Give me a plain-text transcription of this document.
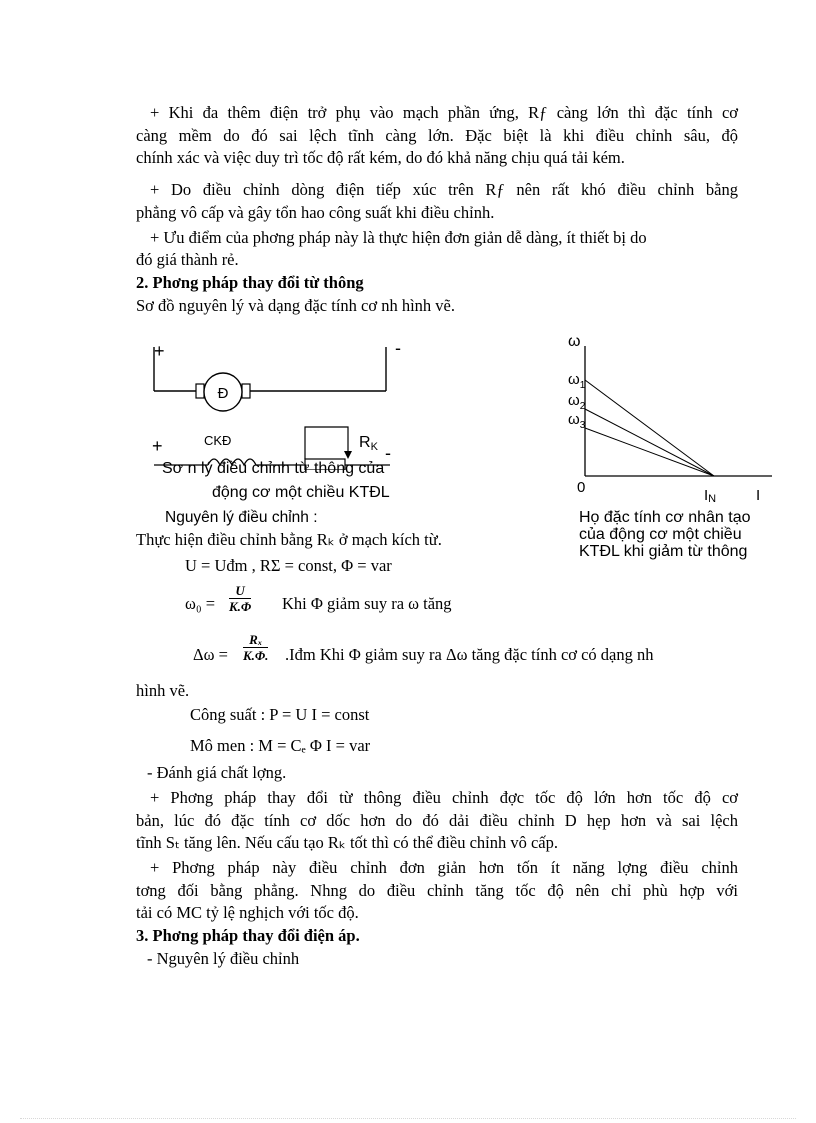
+ Khi đa thêm điện trở phụ vào mạch phần ứng, Rƒ càng lớn thì đặc tính cơ
càng mềm do đó sai lệch tĩnh càng lớn. Đặc biệt là khi điều chỉnh sâu, độ
chính xác và việc duy trì tốc độ rất kém, do đó khả năng chịu quá tải kém.
+ Do điều chỉnh dòng điện tiếp xúc trên Rƒ nên rất khó điều chỉnh bằng
phẳng vô cấp và gây tổn hao công suất khi điều chỉnh.
+ Ưu điểm của phơng pháp này là thực hiện đơn giản dễ dàng, ít thiết bị do
đó giá thành rẻ.
2. Phơng pháp thay đổi từ thông
Sơ đồ nguyên lý và dạng đặc tính cơ nh hình vẽ.
Đ
+	-
+	CKĐ	RK -
Sơ n lý điều chỉnh từ thông của
động cơ một chiều KTĐL
Nguyên lý điều chỉnh :
Thực hiện điều chỉnh bằng Rₖ ở mạch kích từ.
ω
$\omega_1$
$\omega_2$
$\omega_3$
0	IN	I
Họ đặc tính cơ nhân tạo
của động cơ một chiều
KTĐL khi giảm từ thông
U = Uđm , RΣ = const, Φ = var
$\omega_0 = \frac{U}{K.\Phi}$ Khi Φ giảm suy ra ω tăng
$\Delta\omega = \frac{\text{Rₓ}}{K.\Phi.}$ .Iđm Khi Φ giảm suy ra Δω tăng đặc tính cơ có dạng nh
hình vẽ.
Công suất : P = U I = const
Mô men : M = Cₑ Φ I = var
- Đánh giá chất lợng.
+ Phơng pháp thay đổi từ thông điều chỉnh đợc tốc độ lớn hơn tốc độ cơ
bản, lúc đó đặc tính cơ dốc hơn do đó dải điều chỉnh D hẹp hơn và sai lệch
tĩnh Sₜ tăng lên. Nếu cấu tạo Rₖ tốt thì có thể điều chỉnh vô cấp.
+ Phơng pháp này điều chỉnh đơn giản hơn tốn ít năng lợng điều chỉnh
tơng đối bằng phẳng. Nhng do điều chỉnh tăng tốc độ nên chỉ phù hợp với
tải có MC tỷ lệ nghịch với tốc độ.
3. Phơng pháp thay đổi điện áp.
- Nguyên lý điều chỉnh
